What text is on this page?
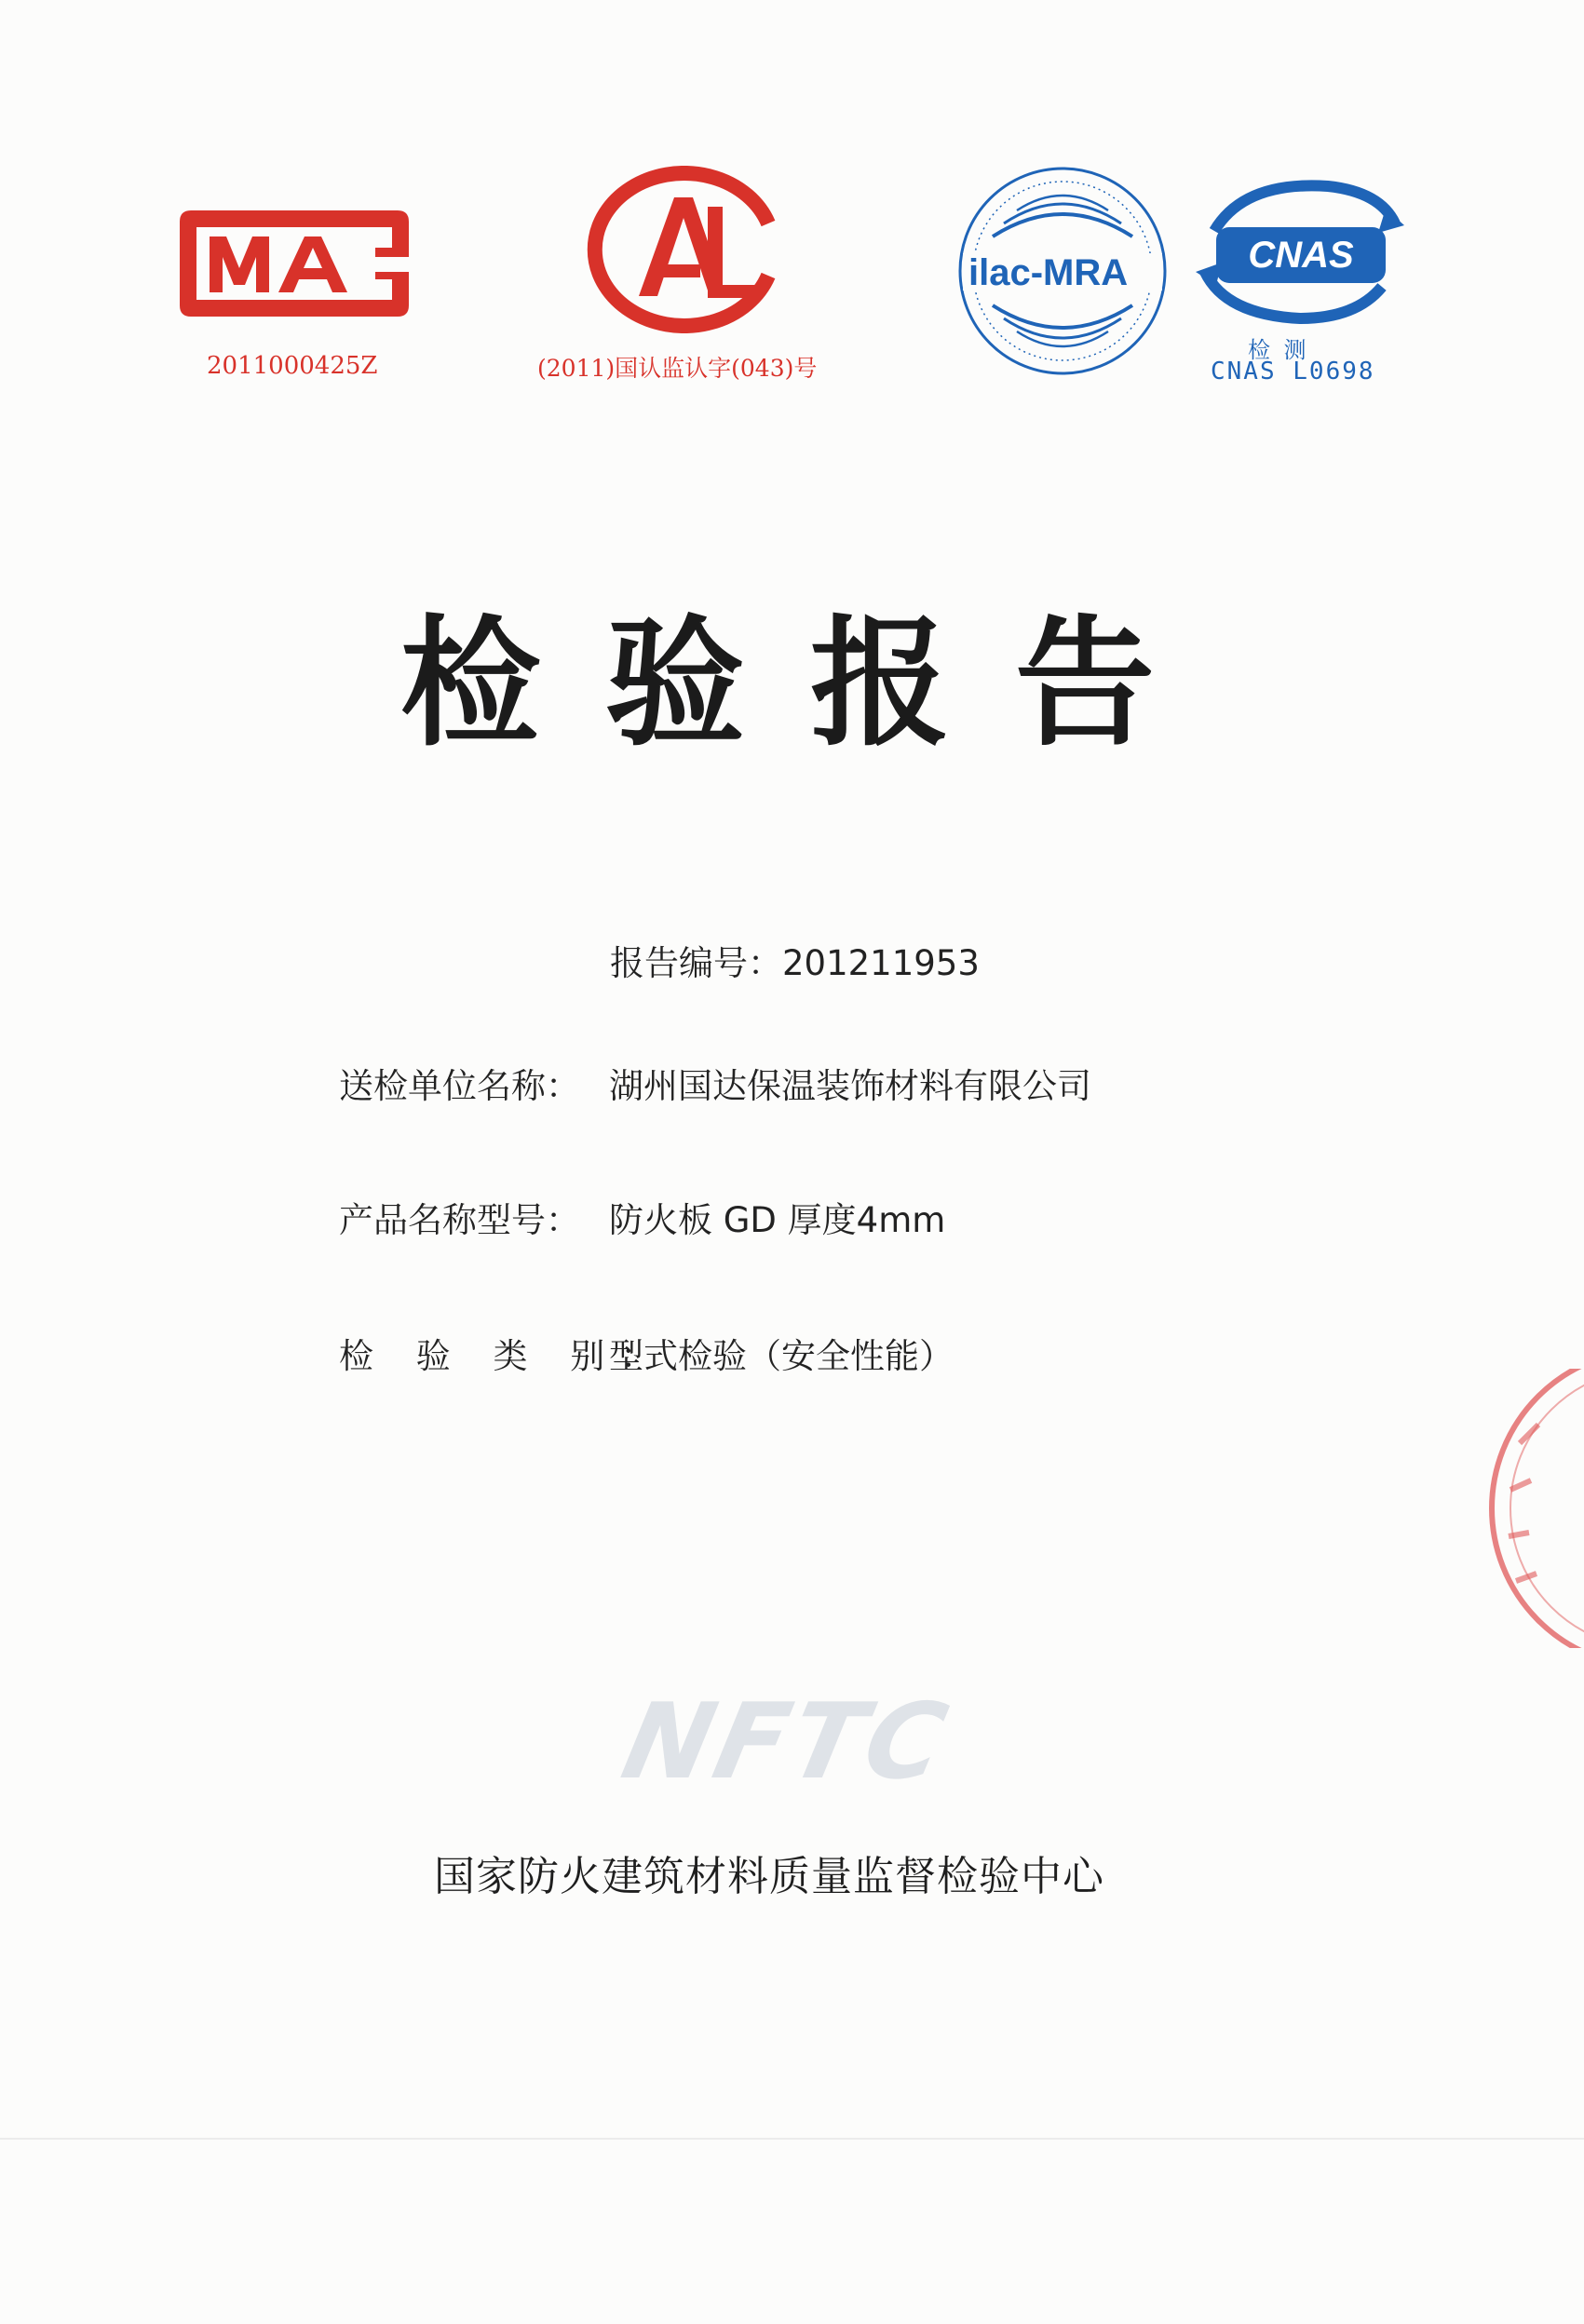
2011000425Z	(2011)国认监认字(043)号
ilac-MRA	CNAS
检 测
CNAS L0698
检验报告
报告编号：201211953
送检单位名称： 湖州国达保温装饰材料有限公司
产品名称型号： 防火板 GD 厚度4mm
检 验 类 别：型式检验（安全性能）
NFTC
国家防火建筑材料质量监督检验中心
